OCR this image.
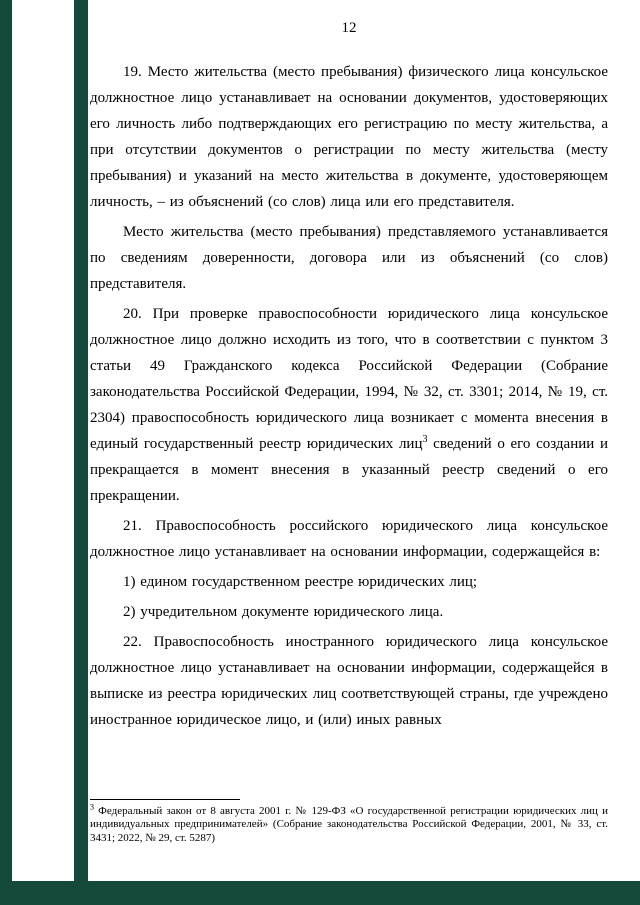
12

19. Место жительства (место пребывания) физического лица консульское должностное лицо устанавливает на основании документов, удостоверяющих его личность либо подтверждающих его регистрацию по месту жительства, а при отсутствии документов о регистрации по месту жительства (месту пребывания) и указаний на место жительства в документе, удостоверяющем личность, – из объяснений (со слов) лица или его представителя.

Место жительства (место пребывания) представляемого устанавливается по сведениям доверенности, договора или из объяснений (со слов) представителя.

20. При проверке правоспособности юридического лица консульское должностное лицо должно исходить из того, что в соответствии с пунктом 3 статьи 49 Гражданского кодекса Российской Федерации (Собрание законодательства Российской Федерации, 1994, № 32, ст. 3301; 2014, № 19, ст. 2304) правоспособность юридического лица возникает с момента внесения в единый государственный реестр юридических лиц$^3$ сведений о его создании и прекращается в момент внесения в указанный реестр сведений о его прекращении.

21. Правоспособность российского юридического лица консульское должностное лицо устанавливает на основании информации, содержащейся в:

1) едином государственном реестре юридических лиц;

2) учредительном документе юридического лица.

22. Правоспособность иностранного юридического лица консульское должностное лицо устанавливает на основании информации, содержащейся в выписке из реестра юридических лиц соответствующей страны, где учреждено иностранное юридическое лицо, и (или) иных равных

$^3$ Федеральный закон от 8 августа 2001 г. № 129-ФЗ «О государственной регистрации юридических лиц и индивидуальных предпринимателей» (Собрание законодательства Российской Федерации, 2001, № 33, ст. 3431; 2022, № 29, ст. 5287)
